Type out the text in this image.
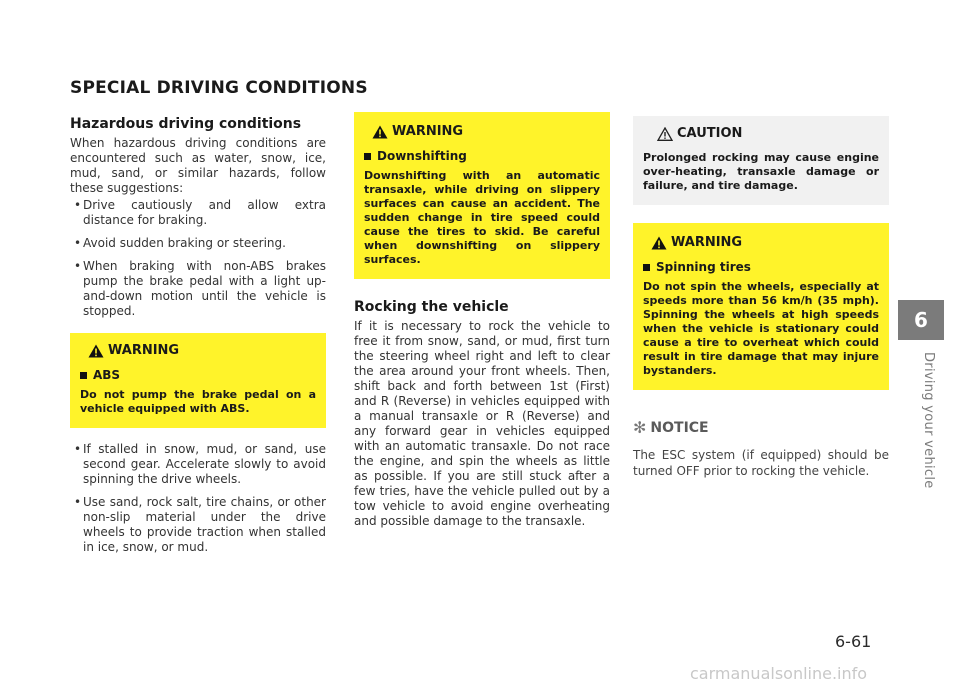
SPECIAL DRIVING CONDITIONS
Hazardous driving conditions

When hazardous driving conditions are encountered such as water, snow, ice, mud, sand, or similar hazards, follow these suggestions:

• Drive cautiously and allow extra distance for braking.
• Avoid sudden braking or steering.
• When braking with non-ABS brakes pump the brake pedal with a light up-and-down motion until the vehicle is stopped.
WARNING
ABS

Do not pump the brake pedal on a vehicle equipped with ABS.

• If stalled in snow, mud, or sand, use second gear. Accelerate slowly to avoid spinning the drive wheels.
• Use sand, rock salt, tire chains, or other non-slip material under the drive wheels to provide traction when stalled in ice, snow, or mud.
WARNING
Downshifting

Downshifting with an automatic transaxle, while driving on slippery surfaces can cause an accident. The sudden change in tire speed could cause the tires to skid. Be careful when downshifting on slippery surfaces.

Rocking the vehicle

If it is necessary to rock the vehicle to free it from snow, sand, or mud, first turn the steering wheel right and left to clear the area around your front wheels. Then, shift back and forth between 1st (First) and R (Reverse) in vehicles equipped with a manual transaxle or R (Reverse) and any forward gear in vehicles equipped with an automatic transaxle. Do not race the engine, and spin the wheels as little as possible. If you are still stuck after a few tries, have the vehicle pulled out by a tow vehicle to avoid engine overheating and possible damage to the transaxle.

CAUTION

Prolonged rocking may cause engine over-heating, transaxle damage or failure, and tire damage.

WARNING
Spinning tires

Do not spin the wheels, especially at speeds more than 56 km/h (35 mph). Spinning the wheels at high speeds when the vehicle is stationary could cause a tire to overheat which could result in tire damage that may injure bystanders.

✻ NOTICE

The ESC system (if equipped) should be turned OFF prior to rocking the vehicle.

6
Driving your vehicle
6-61
carmanualsonline.info
